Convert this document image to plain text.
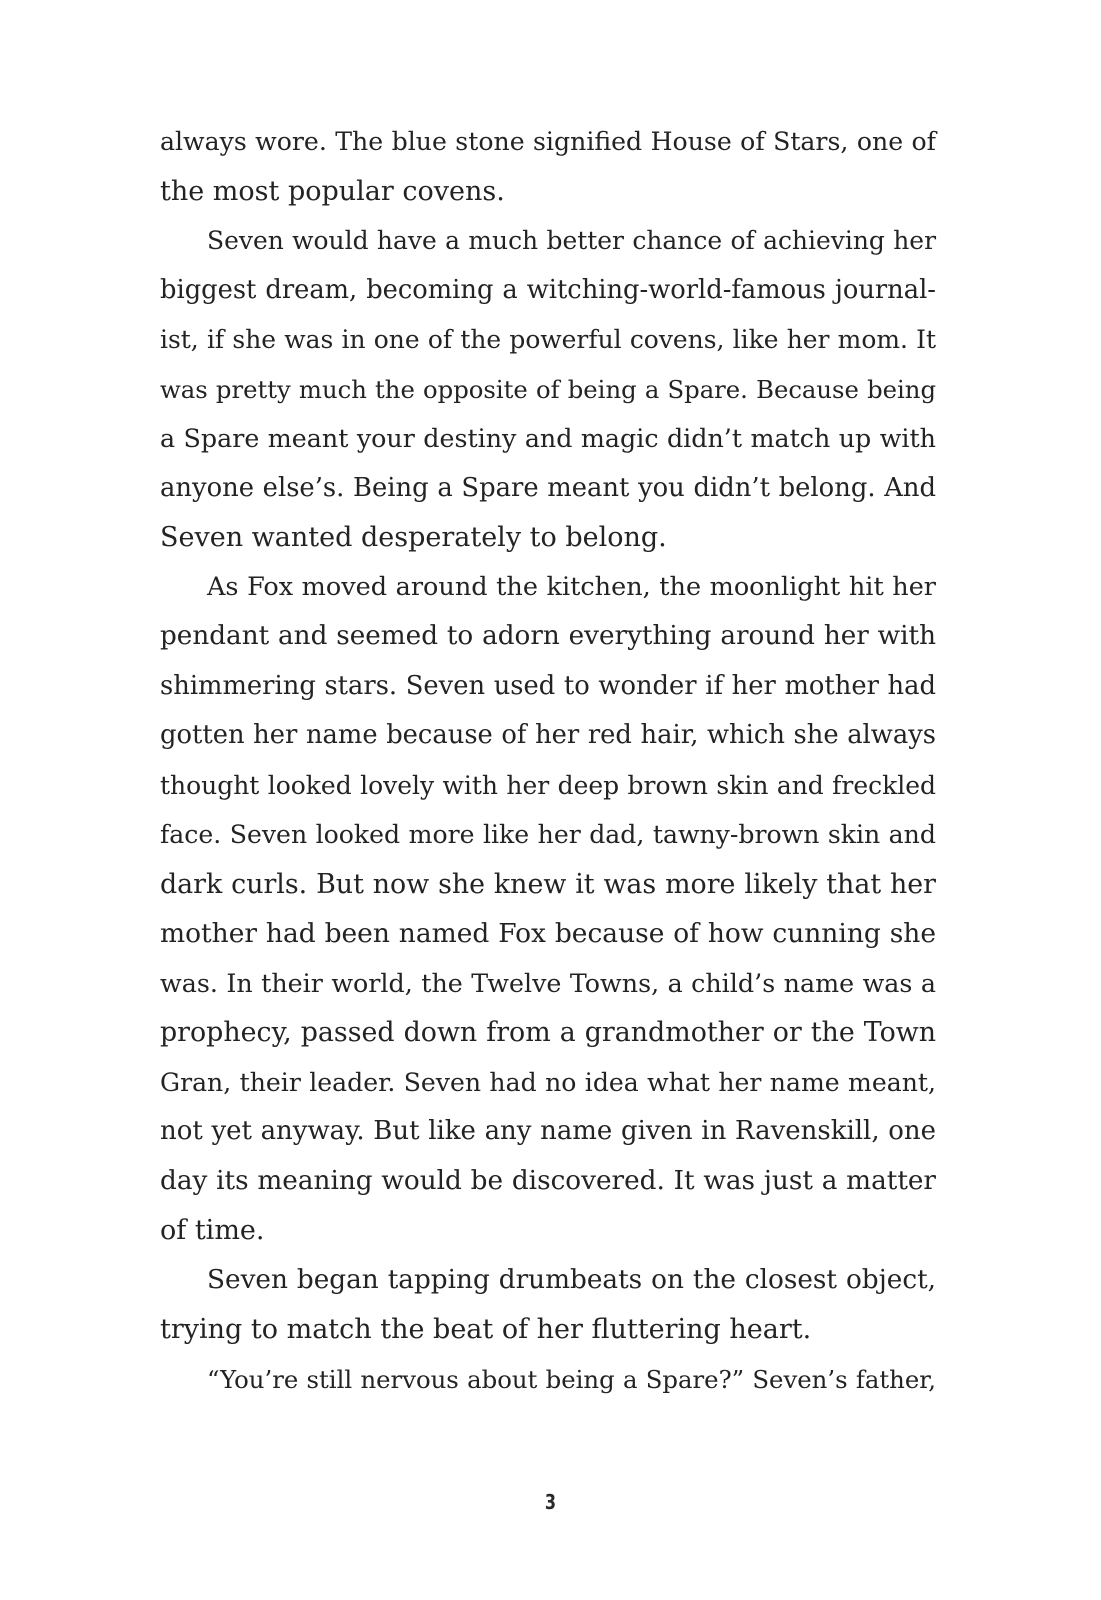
always wore. The blue stone signified House of Stars, one of
the most popular covens.
Seven would have a much better chance of achieving her
biggest dream, becoming a witching-world-famous journal-
ist, if she was in one of the powerful covens, like her mom. It
was pretty much the opposite of being a Spare. Because being
a Spare meant your destiny and magic didn’t match up with
anyone else’s. Being a Spare meant you didn’t belong. And
Seven wanted desperately to belong.
As Fox moved around the kitchen, the moonlight hit her
pendant and seemed to adorn everything around her with
shimmering stars. Seven used to wonder if her mother had
gotten her name because of her red hair, which she always
thought looked lovely with her deep brown skin and freckled
face. Seven looked more like her dad, tawny-brown skin and
dark curls. But now she knew it was more likely that her
mother had been named Fox because of how cunning she
was. In their world, the Twelve Towns, a child’s name was a
prophecy, passed down from a grandmother or the Town
Gran, their leader. Seven had no idea what her name meant,
not yet anyway. But like any name given in Ravenskill, one
day its meaning would be discovered. It was just a matter
of time.
Seven began tapping drumbeats on the closest object,
trying to match the beat of her fluttering heart.
“You’re still nervous about being a Spare?” Seven’s father,
3
